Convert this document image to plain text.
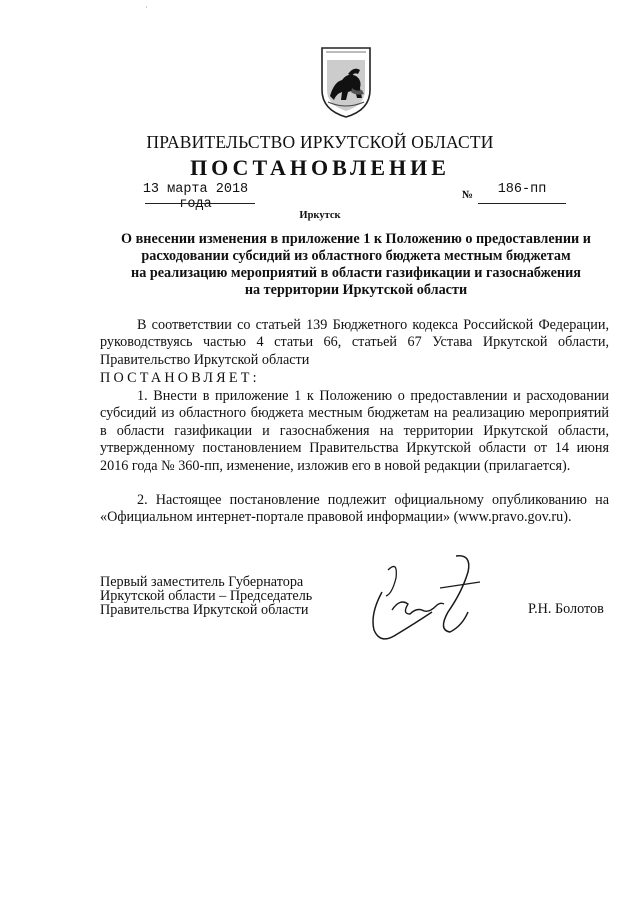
·
ПРАВИТЕЛЬСТВО ИРКУТСКОЙ ОБЛАСТИ
ПОСТАНОВЛЕНИЕ
13 марта 2018 года
№	186-пп
Иркутск
О внесении изменения в приложение 1 к Положению о предоставлении и
расходовании субсидий из областного бюджета местным бюджетам
на реализацию мероприятий в области газификации и газоснабжения
на территории Иркутской области

В соответствии со статьей 139 Бюджетного кодекса Российской Федерации, руководствуясь частью 4 статьи 66, статьей 67 Устава Иркутской области, Правительство Иркутской области

ПОСТАНОВЛЯЕТ:

1. Внести в приложение 1 к Положению о предоставлении и расходовании субсидий из областного бюджета местным бюджетам на реализацию мероприятий в области газификации и газоснабжения на территории Иркутской области, утвержденному постановлением Правительства Иркутской области от 14 июня 2016 года № 360-пп, изменение, изложив его в новой редакции (прилагается).

2. Настоящее постановление подлежит официальному опубликованию на «Официальном интернет-портале правовой информации» (www.pravo.gov.ru).

Первый заместитель Губернатора
Иркутской области – Председатель
Правительства Иркутской области	Р.Н. Болотов
